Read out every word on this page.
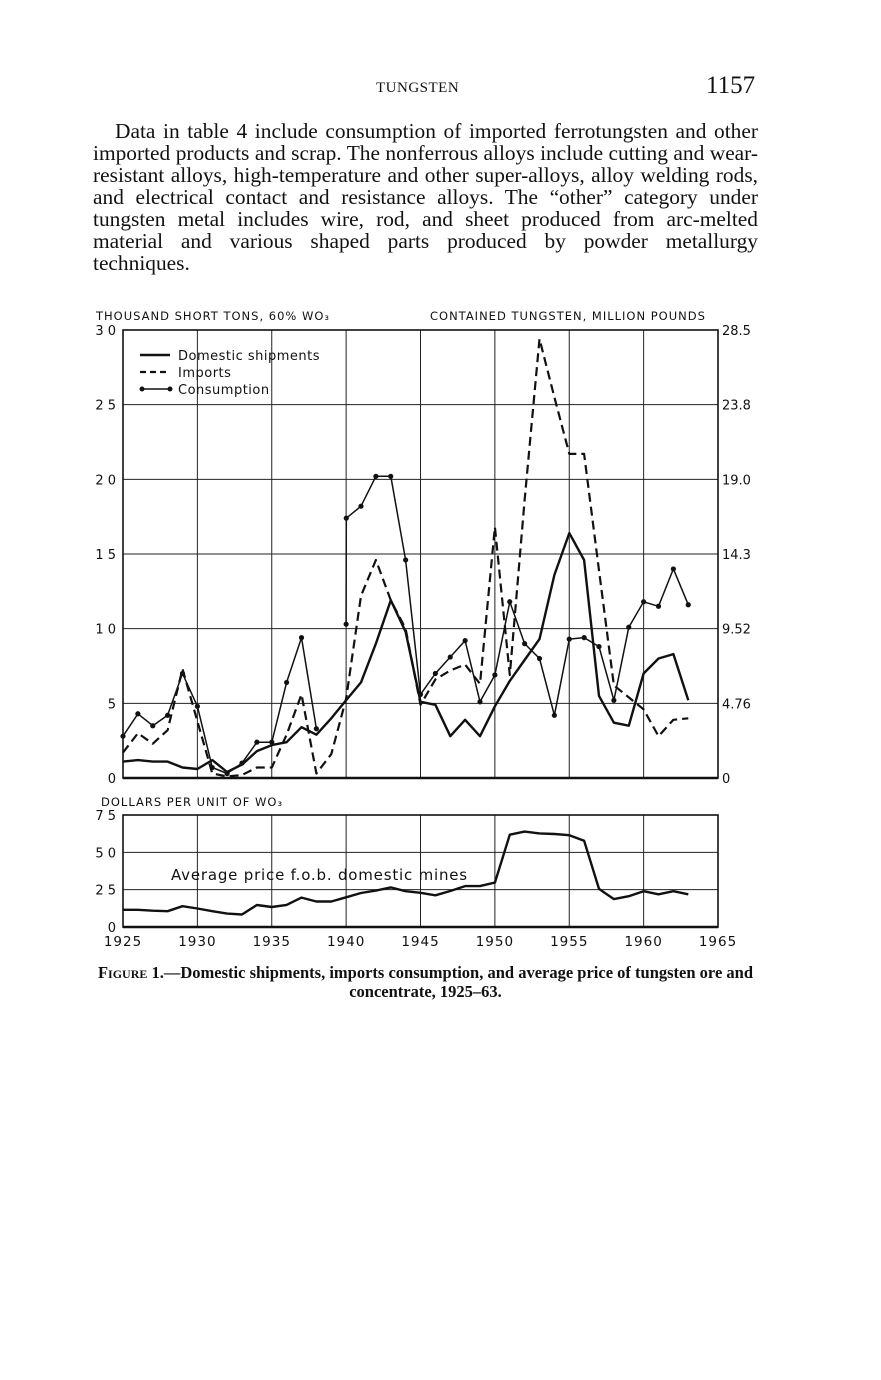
TUNGSTEN	1157

Data in table 4 include consumption of imported ferrotungsten and other imported products and scrap. The nonferrous alloys include cutting and wear-resistant alloys, high-temperature and other super-alloys, alloy welding rods, and electrical contact and resistance alloys. The “other” category under tungsten metal includes wire, rod, and sheet produced from arc-melted material and various shaped parts produced by powder metallurgy techniques.

THOUSAND SHORT TONS, 60% WO₃	CONTAINED TUNGSTEN, MILLION POUNDS
0
5
1 0
1 5
2 0
2 5
3 0
0
4.76
9.52
14.3
19.0
23.8
28.5
Domestic shipments
Imports
Consumption
DOLLARS PER UNIT OF WO₃
0
2 5
5 0
7 5
1925	1930	1935	1940	1945	1950	1955	1960	1965
Average price f.o.b. domestic mines
Figure 1.—Domestic shipments, imports consumption, and average price of tungsten ore and concentrate, 1925–63.
